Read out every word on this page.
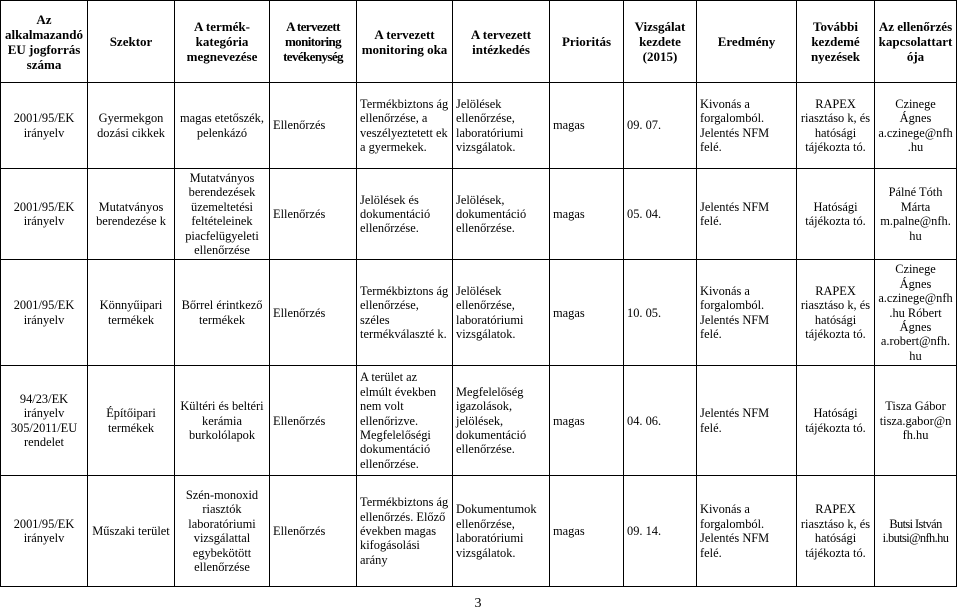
Az alkalmazandó EU jogforrás száma	Szektor	A termék-kategória megnevezése	A tervezett monitoring tevékenység	A tervezett monitoring oka	A tervezett intézkedés	Prioritás	Vizsgálat kezdete (2015)	Eredmény	További kezdemé nyezések	Az ellenőrzés kapcsolattart ója
2001/95/EK irányelv	Gyermekgon dozási cikkek	magas etetőszék, pelenkázó	Ellenőrzés	Termékbiztons ág ellenőrzése, a veszélyeztetett ek a gyermekek.	Jelölések ellenőrzése, laboratóriumi vizsgálatok.	magas	09. 07.	Kivonás a forgalomból. Jelentés NFM felé.	RAPEX riasztáso k, és hatósági tájékozta tó.	Czinege Ágnes a.czinege@nfh .hu
2001/95/EK irányelv	Mutatványos berendezése k	Mutatványos berendezések üzemeltetési feltételeinek piacfelügyeleti ellenőrzése	Ellenőrzés	Jelölések és dokumentáció ellenőrzése.	Jelölések, dokumentáció ellenőrzése.	magas	05. 04.	Jelentés NFM felé.	Hatósági tájékozta tó.	Pálné Tóth Márta m.palne@nfh. hu
2001/95/EK irányelv	Könnyűipari termékek	Bőrrel érintkező termékek	Ellenőrzés	Termékbiztons ág ellenőrzése, széles termékválaszté k.	Jelölések ellenőrzése, laboratóriumi vizsgálatok.	magas	10. 05.	Kivonás a forgalomból. Jelentés NFM felé.	RAPEX riasztáso k, és hatósági tájékozta tó.	Czinege Ágnes a.czinege@nfh .hu Róbert Ágnes a.robert@nfh. hu
94/23/EK irányelv 305/2011/EU rendelet	Építőipari termékek	Kültéri és beltéri kerámia burkolólapok	Ellenőrzés	A terület az elmúlt években nem volt ellenőrizve. Megfelelőségi dokumentáció ellenőrzése.	Megfelelőség igazolások, jelölések, dokumentáció ellenőrzése.	magas	04. 06.	Jelentés NFM felé.	Hatósági tájékozta tó.	Tisza Gábor tisza.gabor@n fh.hu
2001/95/EK irányelv	Műszaki terület	Szén-monoxid riasztók laboratóriumi vizsgálattal egybekötött ellenőrzése	Ellenőrzés	Termékbiztons ág ellenőrzés. Előző években magas kifogásolási arány	Dokumentumok ellenőrzése, laboratóriumi vizsgálatok.	magas	09. 14.	Kivonás a forgalomból. Jelentés NFM felé.	RAPEX riasztáso k, és hatósági tájékozta tó.	Butsi István i.butsi@nfh.hu
3
